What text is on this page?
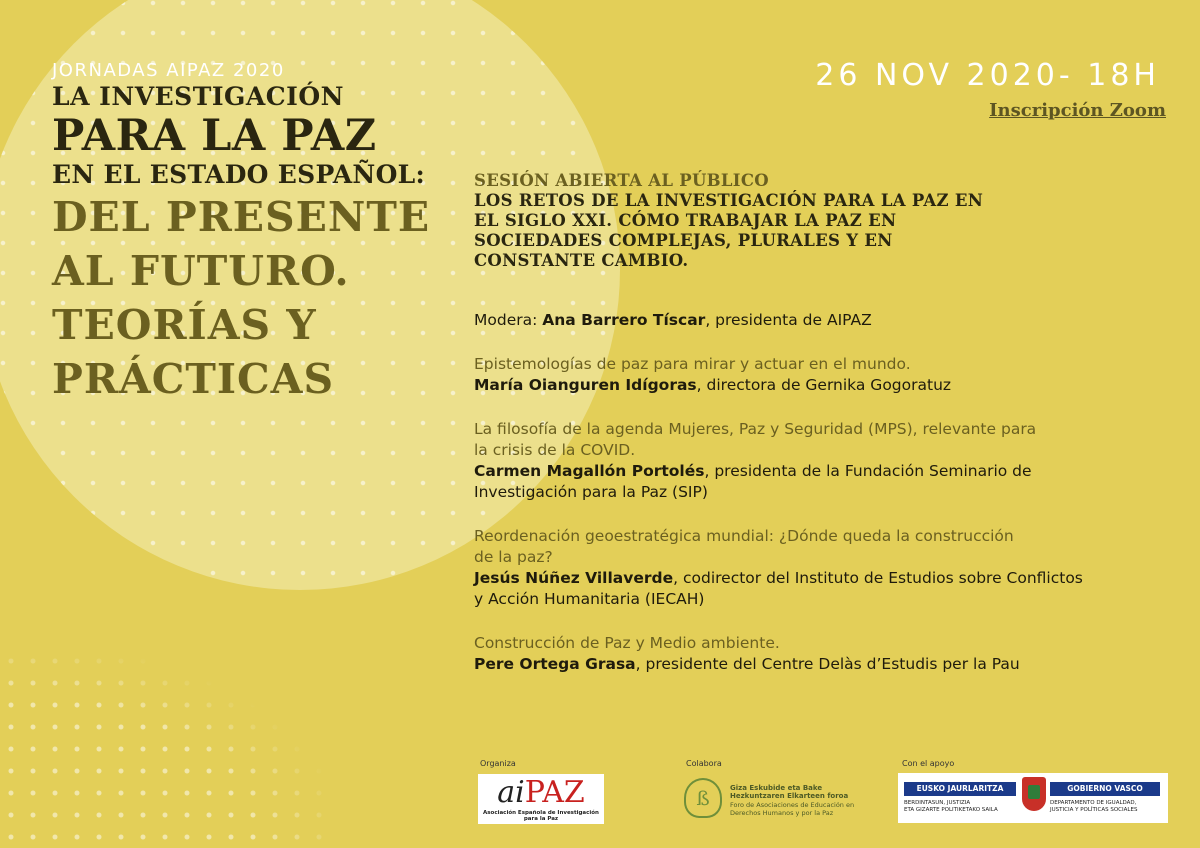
JORNADAS AIPAZ 2020
LA INVESTIGACIÓN
PARA LA PAZ
EN EL ESTADO ESPAÑOL:
DEL PRESENTE
AL FUTURO.
TEORÍAS Y
PRÁCTICAS
26 NOV 2020- 18H
Inscripción Zoom
SESIÓN ABIERTA AL PÚBLICO
LOS RETOS DE LA INVESTIGACIÓN PARA LA PAZ EN
EL SIGLO XXI. CÓMO TRABAJAR LA PAZ EN
SOCIEDADES COMPLEJAS, PLURALES Y EN
CONSTANTE CAMBIO.
Modera: Ana Barrero Tíscar, presidenta de AIPAZ
Epistemologías de paz para mirar y actuar en el mundo.
María Oianguren Idígoras, directora de Gernika Gogoratuz
La filosofía de la agenda Mujeres, Paz y Seguridad (MPS), relevante para
la crisis de la COVID.
Carmen Magallón Portolés, presidenta de la Fundación Seminario de
Investigación para la Paz (SIP)
Reordenación geoestratégica mundial: ¿Dónde queda la construcción
de la paz?
Jesús Núñez Villaverde, codirector del Instituto de Estudios sobre Conflictos
y Acción Humanitaria (IECAH)
Construcción de Paz y Medio ambiente.
Pere Ortega Grasa, presidente del Centre Delàs d’Estudis per la Pau
Organiza
aiPAZ
Asociación Española de Investigación para la Paz
Colabora
ß	Giza Eskubide eta Bake
Hezkuntzaren Elkarteen foroa
Foro de Asociaciones de Educación en Derechos Humanos y por la Paz
Con el apoyo
EUSKO JAURLARITZA	GOBIERNO VASCO
BERDINTASUN, JUSTIZIA
ETA GIZARTE POLITIKETAKO SAILA
DEPARTAMENTO DE IGUALDAD,
JUSTICIA Y POLÍTICAS SOCIALES
